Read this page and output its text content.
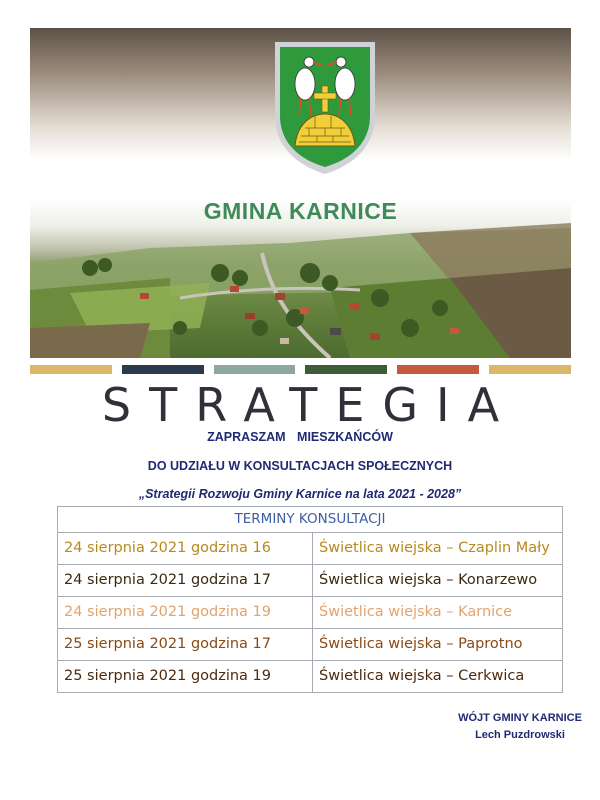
GMINA KARNICE
STRATEGIA
ZAPRASZAM MIESZKAŃCÓW
DO UDZIAŁU W KONSULTACJACH SPOŁECZNYCH
„Strategii Rozwoju Gminy Karnice na lata 2021 - 2028”
TERMINY KONSULTACJI
24 sierpnia 2021 godzina 16	Świetlica wiejska – Czaplin Mały
24 sierpnia 2021 godzina 17	Świetlica wiejska – Konarzewo
24 sierpnia 2021 godzina 19	Świetlica wiejska – Karnice
25 sierpnia 2021 godzina 17	Świetlica wiejska – Paprotno
25 sierpnia 2021 godzina 19	Świetlica wiejska – Cerkwica
WÓJT GMINY KARNICE
Lech Puzdrowski
